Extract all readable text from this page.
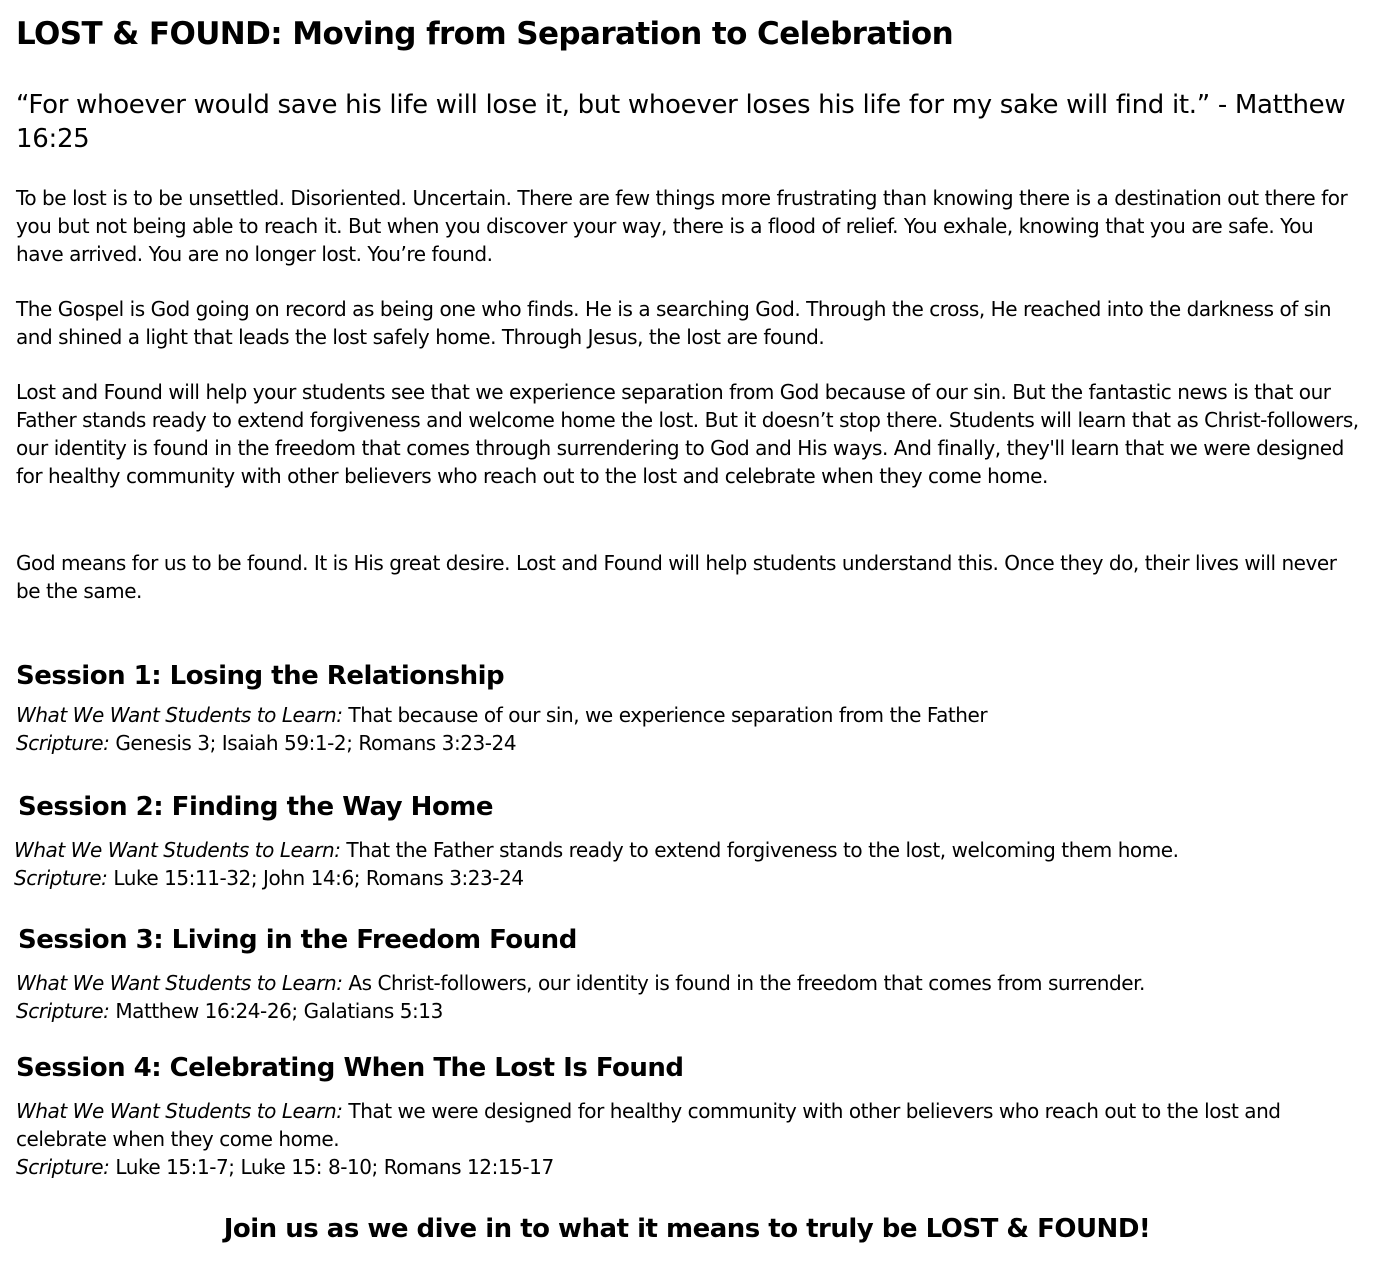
LOST & FOUND: Moving from Separation to Celebration

“For whoever would save his life will lose it, but whoever loses his life for my sake will find it.” - Matthew 16:25

To be lost is to be unsettled. Disoriented. Uncertain. There are few things more frustrating than knowing there is a destination out there for you but not being able to reach it. But when you discover your way, there is a flood of relief. You exhale, knowing that you are safe. You have arrived. You are no longer lost. You’re found.

The Gospel is God going on record as being one who finds. He is a searching God. Through the cross, He reached into the darkness of sin and shined a light that leads the lost safely home. Through Jesus, the lost are found.

Lost and Found will help your students see that we experience separation from God because of our sin. But the fantastic news is that our Father stands ready to extend forgiveness and welcome home the lost. But it doesn’t stop there. Students will learn that as Christ-followers, our identity is found in the freedom that comes through surrendering to God and His ways. And finally, they'll learn that we were designed for healthy community with other believers who reach out to the lost and celebrate when they come home.

God means for us to be found. It is His great desire. Lost and Found will help students understand this. Once they do, their lives will never be the same.

Session 1: Losing the Relationship

What We Want Students to Learn: That because of our sin, we experience separation from the Father

Scripture: Genesis 3; Isaiah 59:1-2; Romans 3:23-24

Session 2: Finding the Way Home

What We Want Students to Learn: That the Father stands ready to extend forgiveness to the lost, welcoming them home.

Scripture: Luke 15:11-32; John 14:6; Romans 3:23-24

Session 3: Living in the Freedom Found

What We Want Students to Learn: As Christ-followers, our identity is found in the freedom that comes from surrender.

Scripture: Matthew 16:24-26; Galatians 5:13

Session 4: Celebrating When The Lost Is Found

What We Want Students to Learn: That we were designed for healthy community with other believers who reach out to the lost and celebrate when they come home.

Scripture: Luke 15:1-7; Luke 15: 8-10; Romans 12:15-17

Join us as we dive in to what it means to truly be LOST & FOUND!
